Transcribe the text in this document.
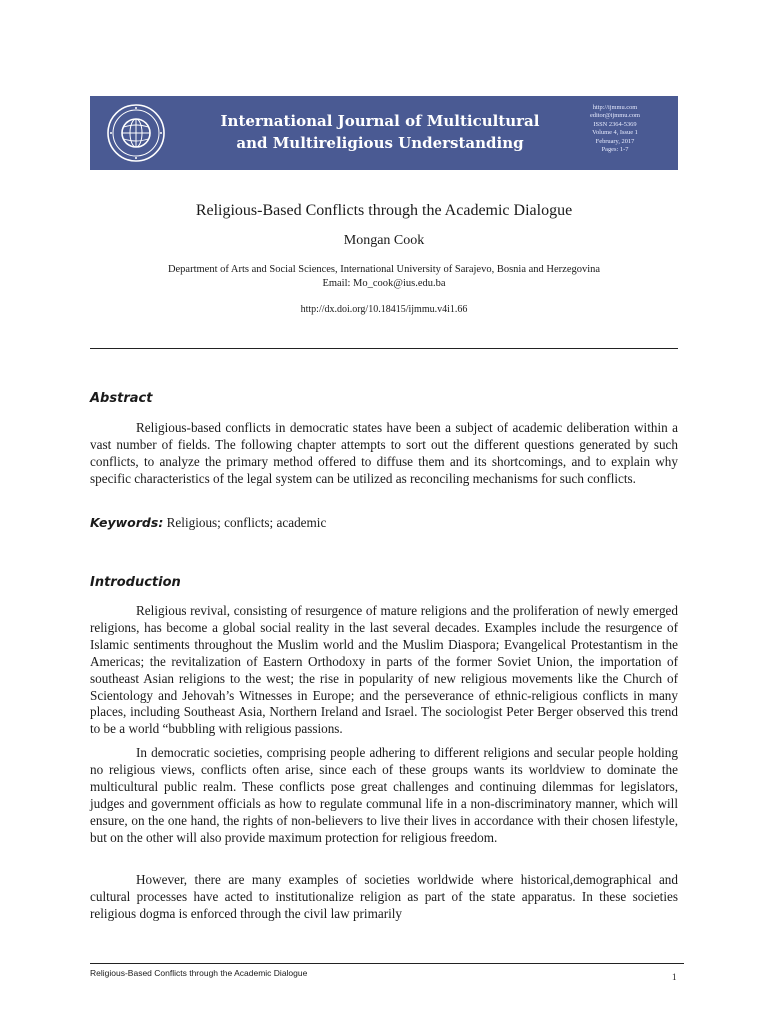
International Journal of Multicultural
and Multireligious Understanding
http://ijmmu.com
editor@ijmmu.com
ISSN 2364-5369
Volume 4, Issue 1
February, 2017
Pages: 1-7
Religious-Based Conflicts through the Academic Dialogue
Mongan Cook
Department of Arts and Social Sciences, International University of Sarajevo, Bosnia and Herzegovina
Email: Mo_cook@ius.edu.ba
http://dx.doi.org/10.18415/ijmmu.v4i1.66
Abstract

Religious-based conflicts in democratic states have been a subject of academic deliberation within a vast number of fields. The following chapter attempts to sort out the different questions generated by such conflicts, to analyze the primary method offered to diffuse them and its shortcomings, and to explain why specific characteristics of the legal system can be utilized as reconciling mechanisms for such conflicts.

Keywords: Religious; conflicts; academic
Introduction

Religious revival, consisting of resurgence of mature religions and the proliferation of newly emerged religions, has become a global social reality in the last several decades. Examples include the resurgence of Islamic sentiments throughout the Muslim world and the Muslim Diaspora; Evangelical Protestantism in the Americas; the revitalization of Eastern Orthodoxy in parts of the former Soviet Union, the importation of southeast Asian religions to the west; the rise in popularity of new religious movements like the Church of Scientology and Jehovah’s Witnesses in Europe; and the perseverance of ethnic-religious conflicts in many places, including Southeast Asia, Northern Ireland and Israel. The sociologist Peter Berger observed this trend to be a world “bubbling with religious passions.

In democratic societies, comprising people adhering to different religions and secular people holding no religious views, conflicts often arise, since each of these groups wants its worldview to dominate the multicultural public realm. These conflicts pose great challenges and continuing dilemmas for legislators, judges and government officials as how to regulate communal life in a non-discriminatory manner, which will ensure, on the one hand, the rights of non-believers to live their lives in accordance with their chosen lifestyle, but on the other will also provide maximum protection for religious freedom.

However, there are many examples of societies worldwide where historical,demographical and cultural processes have acted to institutionalize religion as part of the state apparatus. In these societies religious dogma is enforced through the civil law primarily

Religious-Based Conflicts through the Academic Dialogue	1
